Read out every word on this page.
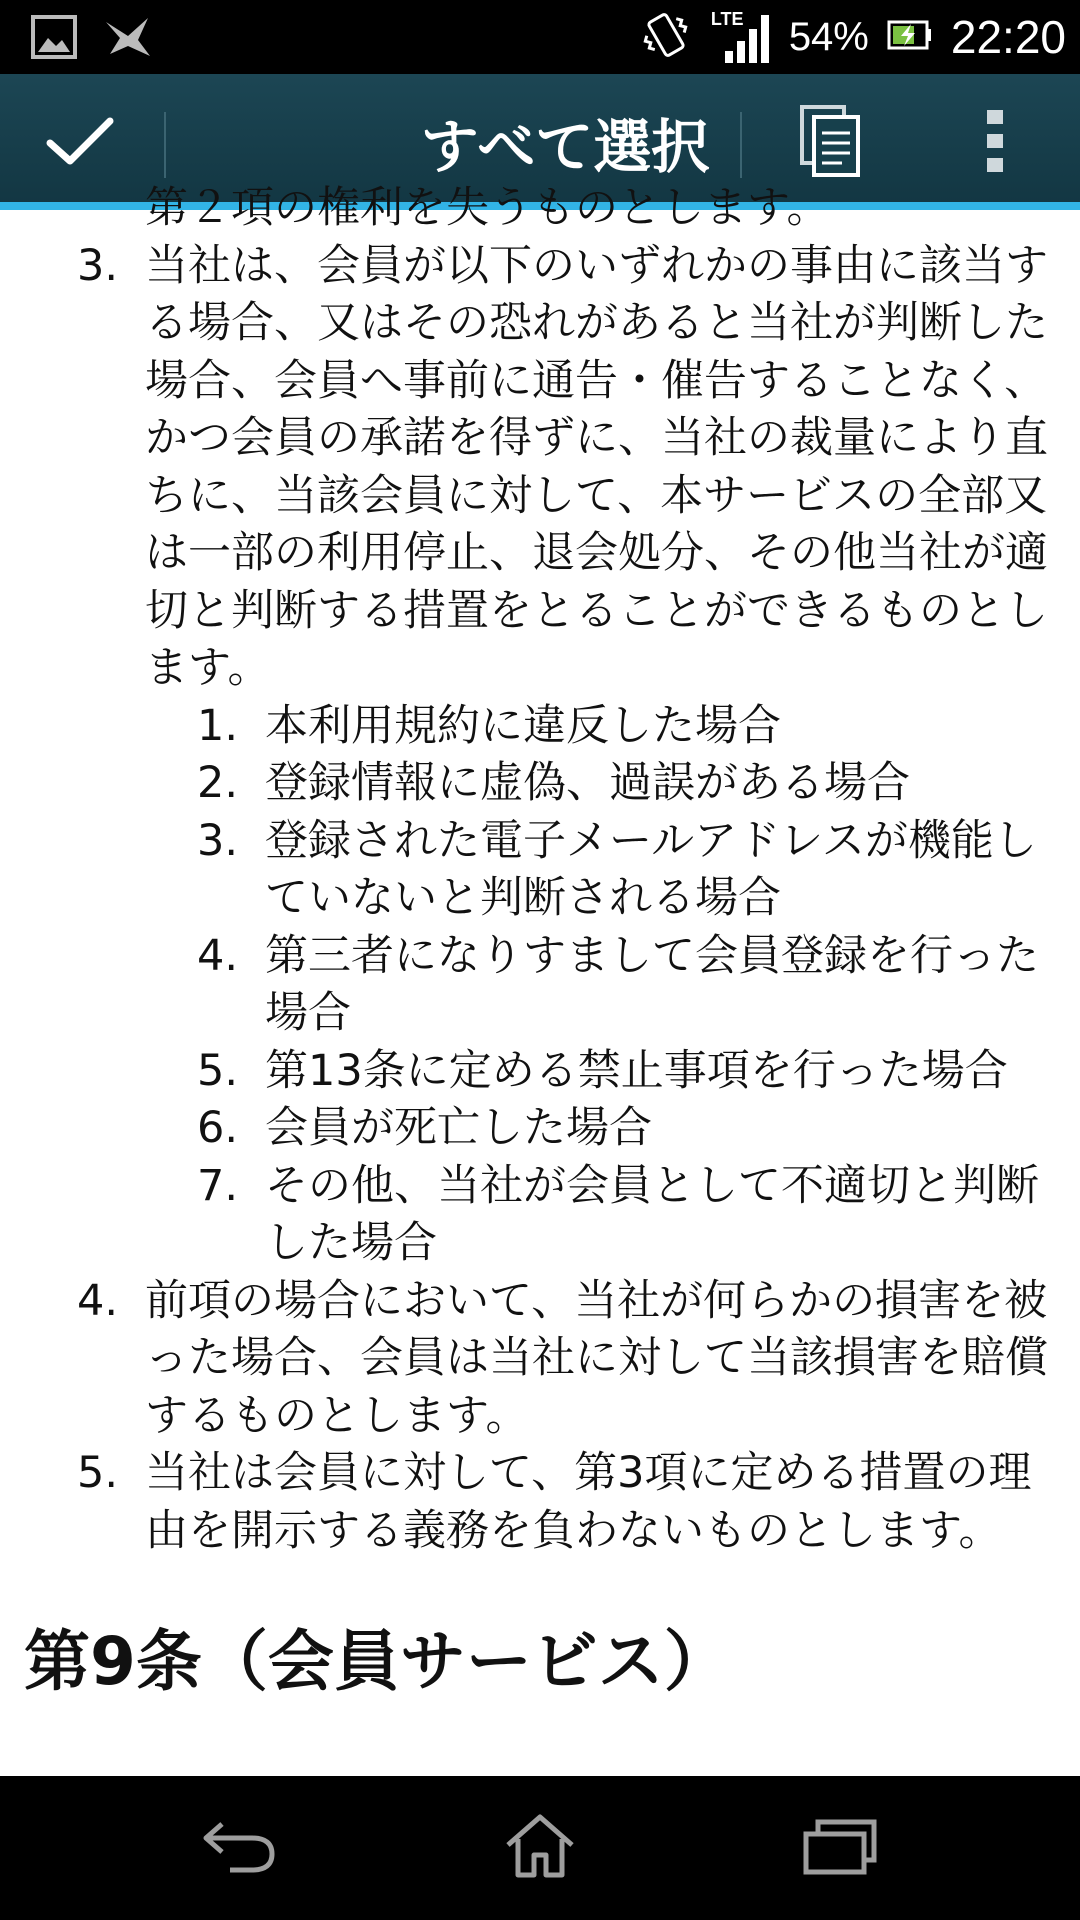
LTE 54% 22:20
すべて選択
第２項の権利を失うものとします。
3. 当社は、会員が以下のいずれかの事由に該当する場合、又はその恐れがあると当社が判断した場合、会員へ事前に通告・催告することなく、かつ会員の承諾を得ずに、当社の裁量により直ちに、当該会員に対して、本サービスの全部又は一部の利用停止、退会処分、その他当社が適切と判断する措置をとることができるものとします。
1. 本利用規約に違反した場合
2. 登録情報に虚偽、過誤がある場合
3. 登録された電子メールアドレスが機能していないと判断される場合
4. 第三者になりすまして会員登録を行った場合
5. 第13条に定める禁止事項を行った場合
6. 会員が死亡した場合
7. その他、当社が会員として不適切と判断した場合
4. 前項の場合において、当社が何らかの損害を被った場合、会員は当社に対して当該損害を賠償するものとします。
5. 当社は会員に対して、第3項に定める措置の理由を開示する義務を負わないものとします。
第9条（会員サービス）
